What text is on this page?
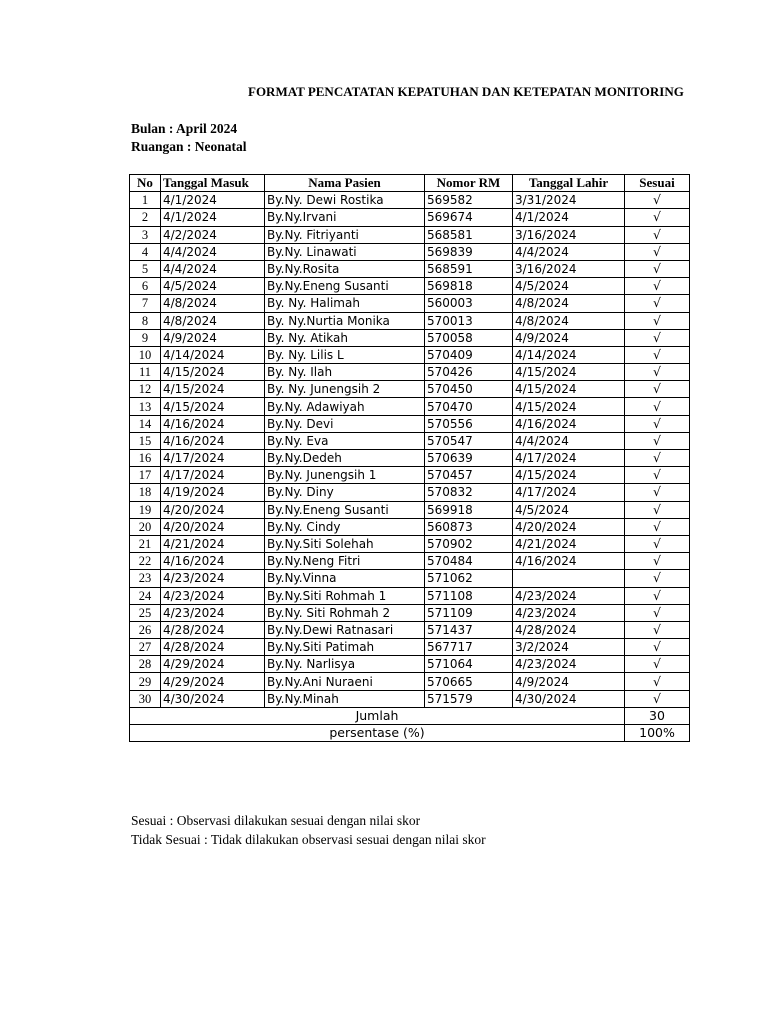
FORMAT PENCATATAN KEPATUHAN DAN KETEPATAN MONITORING
Bulan : April 2024
Ruangan : Neonatal
No	Tanggal Masuk	Nama Pasien	Nomor RM	Tanggal Lahir	Sesuai
1	4/1/2024	By.Ny. Dewi Rostika	569582	3/31/2024	√
2	4/1/2024	By.Ny.Irvani	569674	4/1/2024	√
3	4/2/2024	By.Ny. Fitriyanti	568581	3/16/2024	√
4	4/4/2024	By.Ny. Linawati	569839	4/4/2024	√
5	4/4/2024	By.Ny.Rosita	568591	3/16/2024	√
6	4/5/2024	By.Ny.Eneng Susanti	569818	4/5/2024	√
7	4/8/2024	By. Ny. Halimah	560003	4/8/2024	√
8	4/8/2024	By. Ny.Nurtia Monika	570013	4/8/2024	√
9	4/9/2024	By. Ny. Atikah	570058	4/9/2024	√
10	4/14/2024	By. Ny. Lilis L	570409	4/14/2024	√
11	4/15/2024	By. Ny. Ilah	570426	4/15/2024	√
12	4/15/2024	By. Ny. Junengsih 2	570450	4/15/2024	√
13	4/15/2024	By.Ny. Adawiyah	570470	4/15/2024	√
14	4/16/2024	By.Ny. Devi	570556	4/16/2024	√
15	4/16/2024	By.Ny. Eva	570547	4/4/2024	√
16	4/17/2024	By.Ny.Dedeh	570639	4/17/2024	√
17	4/17/2024	By.Ny. Junengsih 1	570457	4/15/2024	√
18	4/19/2024	By.Ny. Diny	570832	4/17/2024	√
19	4/20/2024	By.Ny.Eneng Susanti	569918	4/5/2024	√
20	4/20/2024	By.Ny. Cindy	560873	4/20/2024	√
21	4/21/2024	By.Ny.Siti Solehah	570902	4/21/2024	√
22	4/16/2024	By.Ny.Neng Fitri	570484	4/16/2024	√
23	4/23/2024	By.Ny.Vinna	571062		√
24	4/23/2024	By.Ny.Siti Rohmah 1	571108	4/23/2024	√
25	4/23/2024	By.Ny. Siti Rohmah 2	571109	4/23/2024	√
26	4/28/2024	By.Ny.Dewi Ratnasari	571437	4/28/2024	√
27	4/28/2024	By.Ny.Siti Patimah	567717	3/2/2024	√
28	4/29/2024	By.Ny. Narlisya	571064	4/23/2024	√
29	4/29/2024	By.Ny.Ani Nuraeni	570665	4/9/2024	√
30	4/30/2024	By.Ny.Minah	571579	4/30/2024	√
Jumlah					30
persentase (%)					100%
Sesuai : Observasi dilakukan sesuai dengan nilai skor
Tidak Sesuai : Tidak dilakukan observasi sesuai dengan nilai skor
